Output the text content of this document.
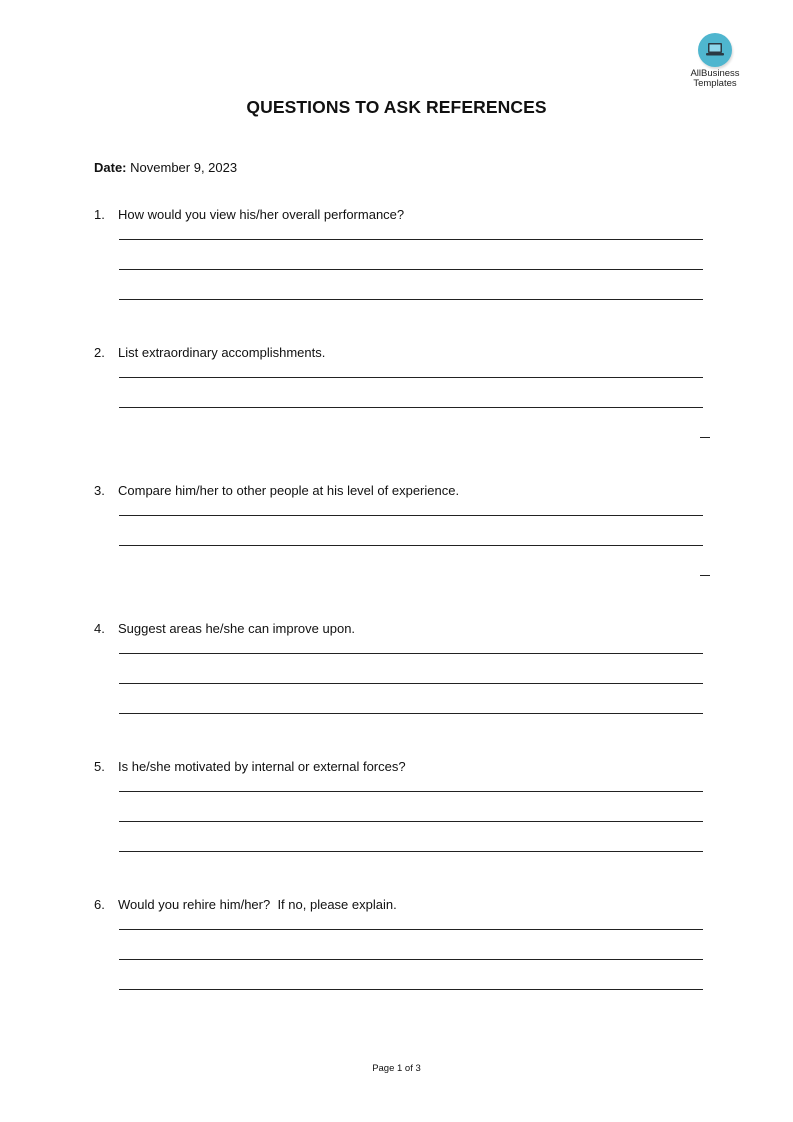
AllBusiness
Templates
QUESTIONS TO ASK REFERENCES
Date: November 9, 2023
1. How would you view his/her overall performance?
2. List extraordinary accomplishments.
3. Compare him/her to other people at his level of experience.
4. Suggest areas he/she can improve upon.
5. Is he/she motivated by internal or external forces?
6. Would you rehire him/her?  If no, please explain.
Page 1 of 3
